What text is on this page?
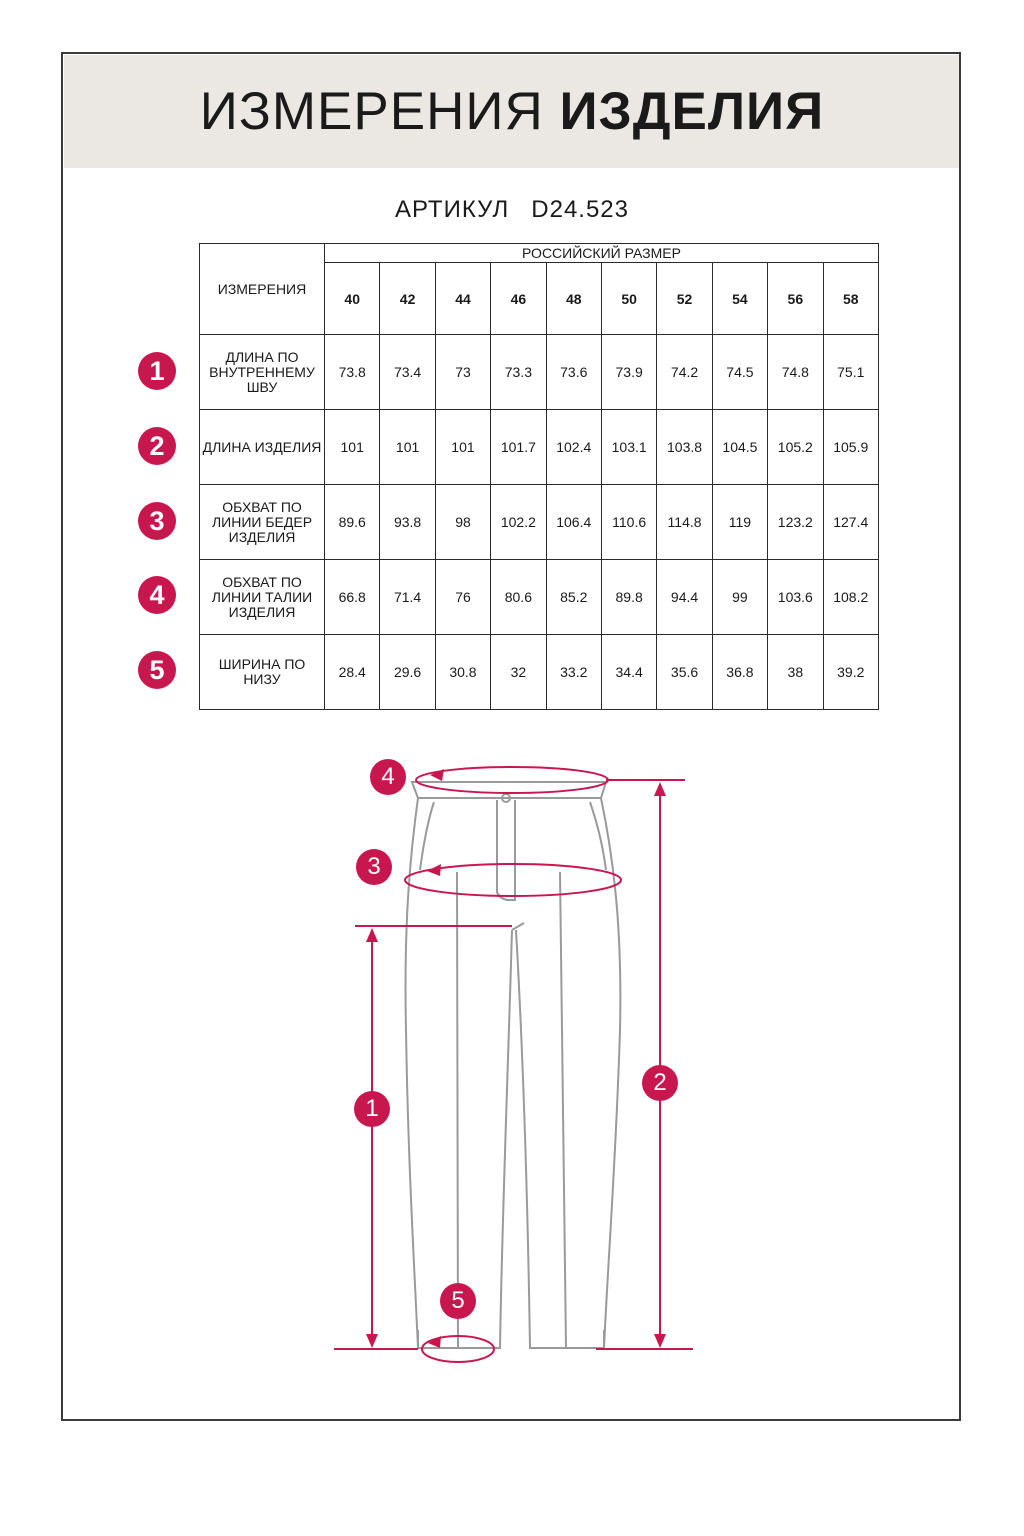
ИЗМЕРЕНИЯ ИЗДЕЛИЯ
АРТИКУЛ D24.523
ИЗМЕРЕНИЯ	РОССИЙСКИЙ РАЗМЕР									
	40	42	44	46	48	50	52	54	56	58
ДЛИНА ПО ВНУТРЕННЕМУ ШВУ	73.8	73.4	73	73.3	73.6	73.9	74.2	74.5	74.8	75.1
ДЛИНА ИЗДЕЛИЯ	101	101	101	101.7	102.4	103.1	103.8	104.5	105.2	105.9
ОБХВАТ ПО ЛИНИИ БЕДЕР ИЗДЕЛИЯ	89.6	93.8	98	102.2	106.4	110.6	114.8	119	123.2	127.4
ОБХВАТ ПО ЛИНИИ ТАЛИИ ИЗДЕЛИЯ	66.8	71.4	76	80.6	85.2	89.8	94.4	99	103.6	108.2
ШИРИНА ПО НИЗУ	28.4	29.6	30.8	32	33.2	34.4	35.6	36.8	38	39.2
1
2
3
4
5
4
3
1
2
5
